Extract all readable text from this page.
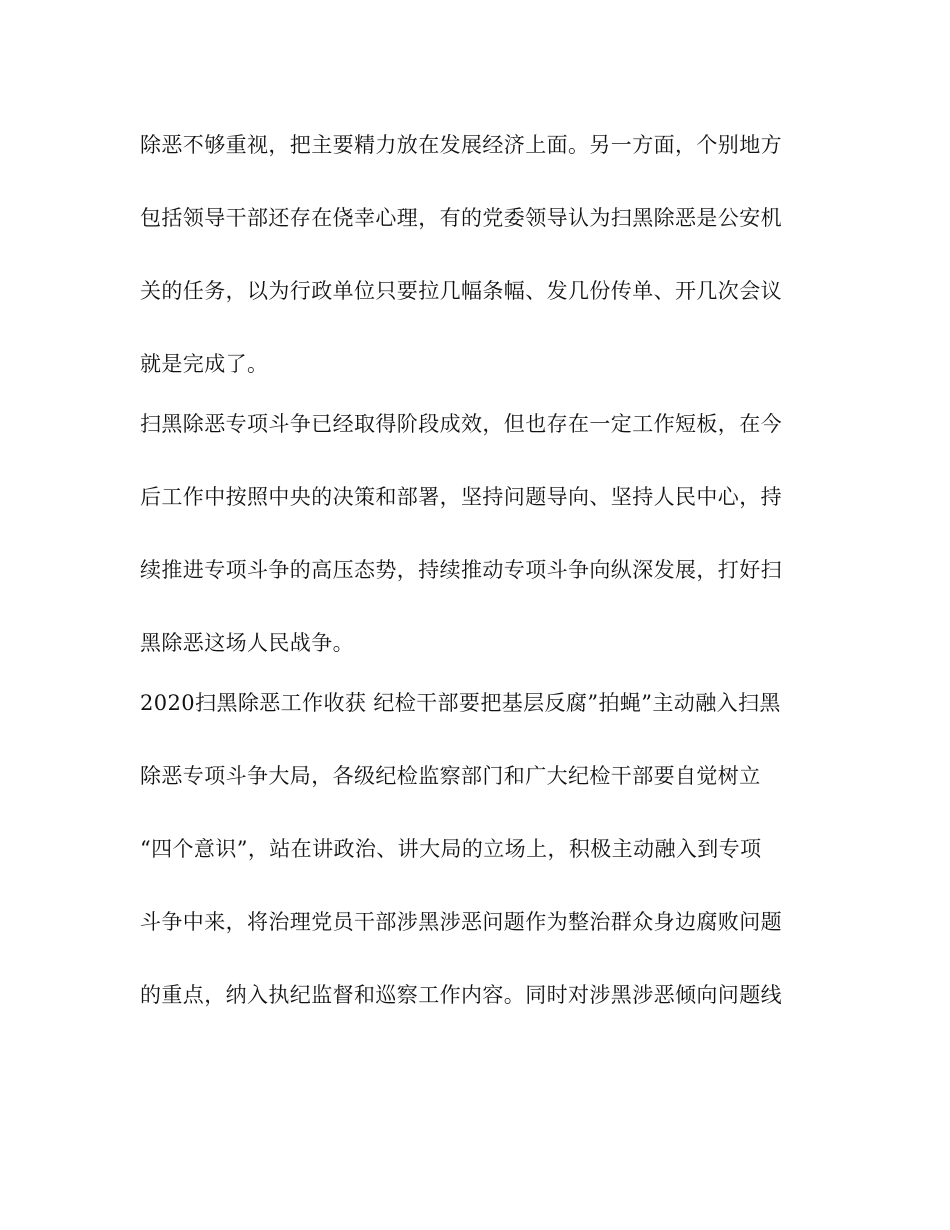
除恶不够重视，把主要精力放在发展经济上面。另一方面，个别地方
包括领导干部还存在侥幸心理，有的党委领导认为扫黑除恶是公安机
关的任务，以为行政单位只要拉几幅条幅、发几份传单、开几次会议
就是完成了。
扫黑除恶专项斗争已经取得阶段成效，但也存在一定工作短板，在今
后工作中按照中央的决策和部署，坚持问题导向、坚持人民中心，持
续推进专项斗争的高压态势，持续推动专项斗争向纵深发展，打好扫
黑除恶这场人民战争。
2020扫黑除恶工作收获 纪检干部要把基层反腐”拍蝇”主动融入扫黑
除恶专项斗争大局，各级纪检监察部门和广大纪检干部要自觉树立
“四个意识”，站在讲政治、讲大局的立场上，积极主动融入到专项
斗争中来，将治理党员干部涉黑涉恶问题作为整治群众身边腐败问题
的重点，纳入执纪监督和巡察工作内容。同时对涉黑涉恶倾向问题线
